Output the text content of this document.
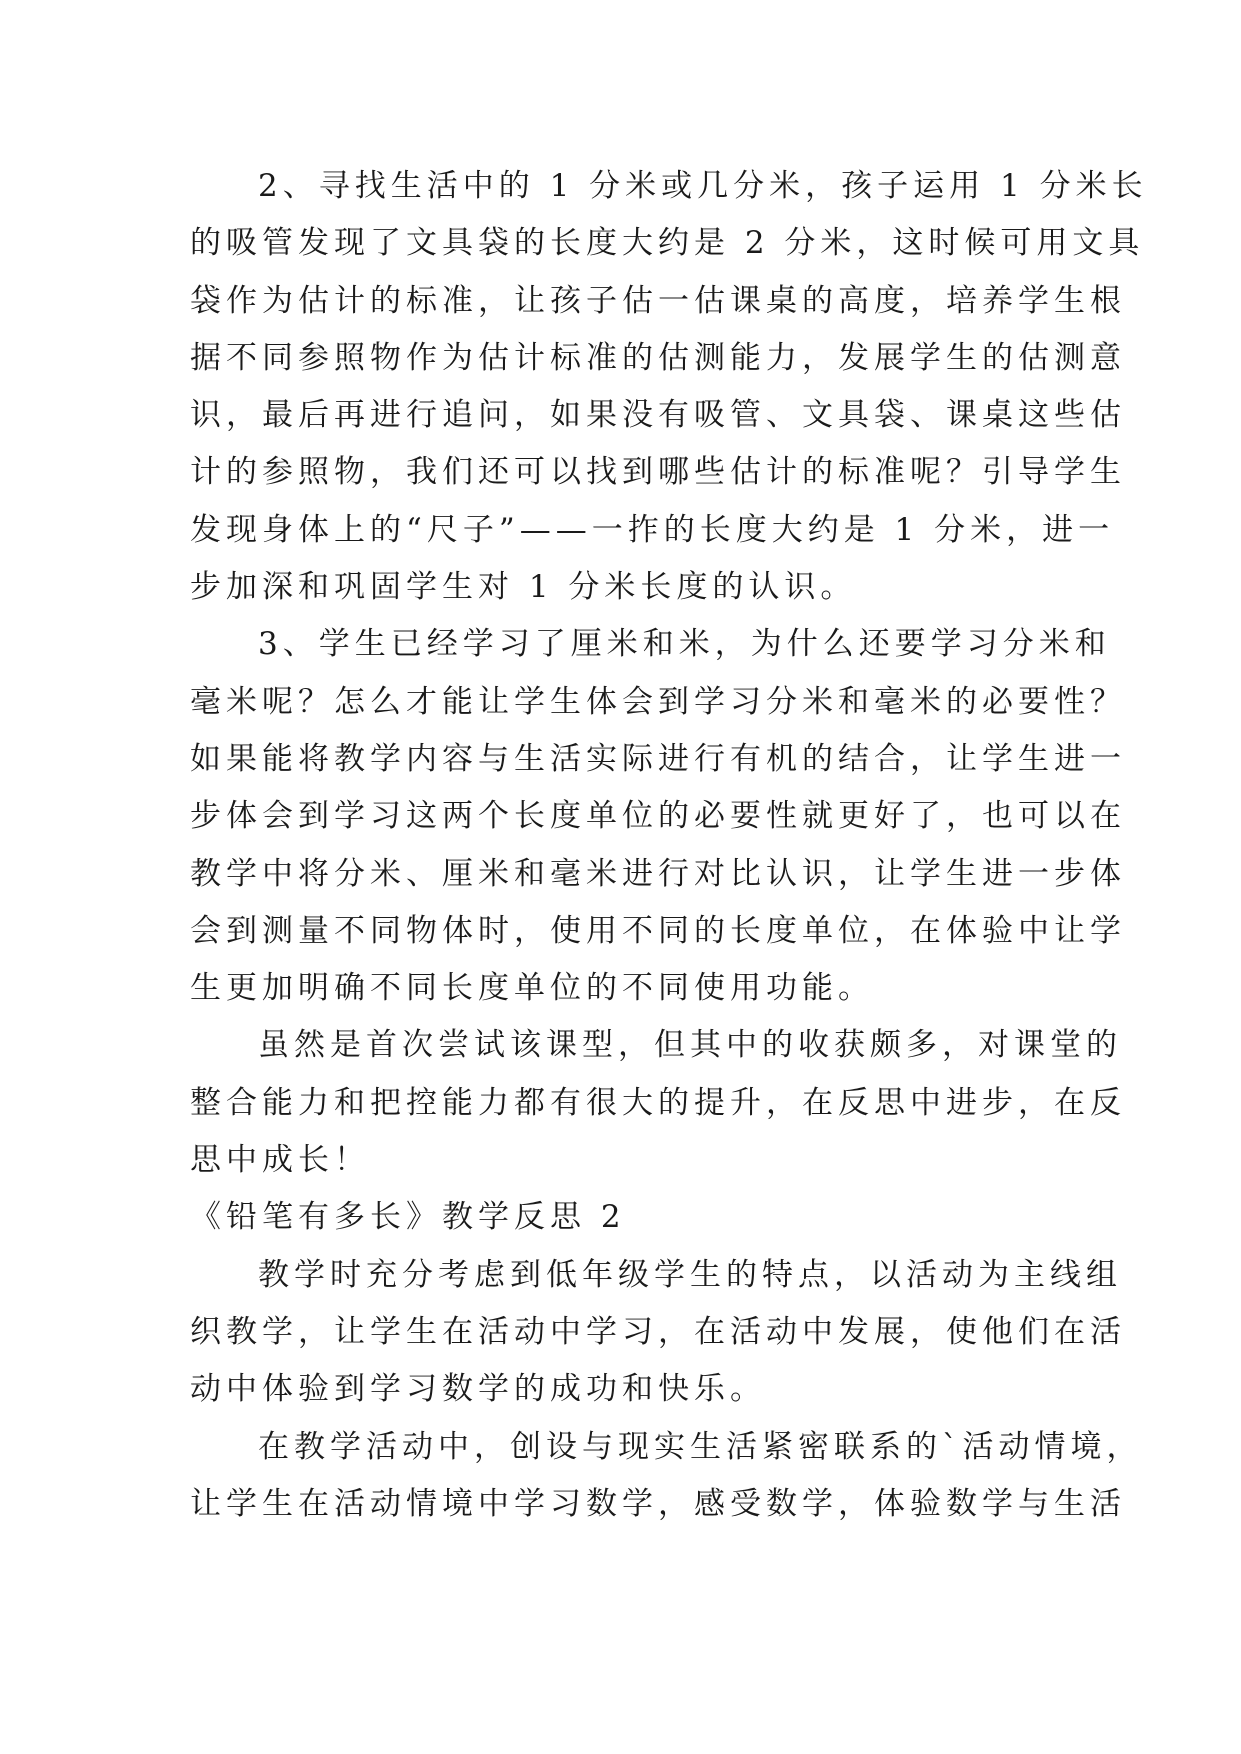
2、寻找生活中的 1 分米或几分米，孩子运用 1 分米长
的吸管发现了文具袋的长度大约是 2 分米，这时候可用文具
袋作为估计的标准，让孩子估一估课桌的高度，培养学生根
据不同参照物作为估计标准的估测能力，发展学生的估测意
识，最后再进行追问，如果没有吸管、文具袋、课桌这些估
计的参照物，我们还可以找到哪些估计的标准呢？引导学生
发现身体上的“尺子”——一拃的长度大约是 1 分米，进一
步加深和巩固学生对 1 分米长度的认识。
3、学生已经学习了厘米和米，为什么还要学习分米和
毫米呢？怎么才能让学生体会到学习分米和毫米的必要性？
如果能将教学内容与生活实际进行有机的结合，让学生进一
步体会到学习这两个长度单位的必要性就更好了，也可以在
教学中将分米、厘米和毫米进行对比认识，让学生进一步体
会到测量不同物体时，使用不同的长度单位，在体验中让学
生更加明确不同长度单位的不同使用功能。
虽然是首次尝试该课型，但其中的收获颇多，对课堂的
整合能力和把控能力都有很大的提升，在反思中进步，在反
思中成长！
《铅笔有多长》教学反思 2
教学时充分考虑到低年级学生的特点，以活动为主线组
织教学，让学生在活动中学习，在活动中发展，使他们在活
动中体验到学习数学的成功和快乐。
在教学活动中，创设与现实生活紧密联系的`活动情境，
让学生在活动情境中学习数学，感受数学，体验数学与生活
